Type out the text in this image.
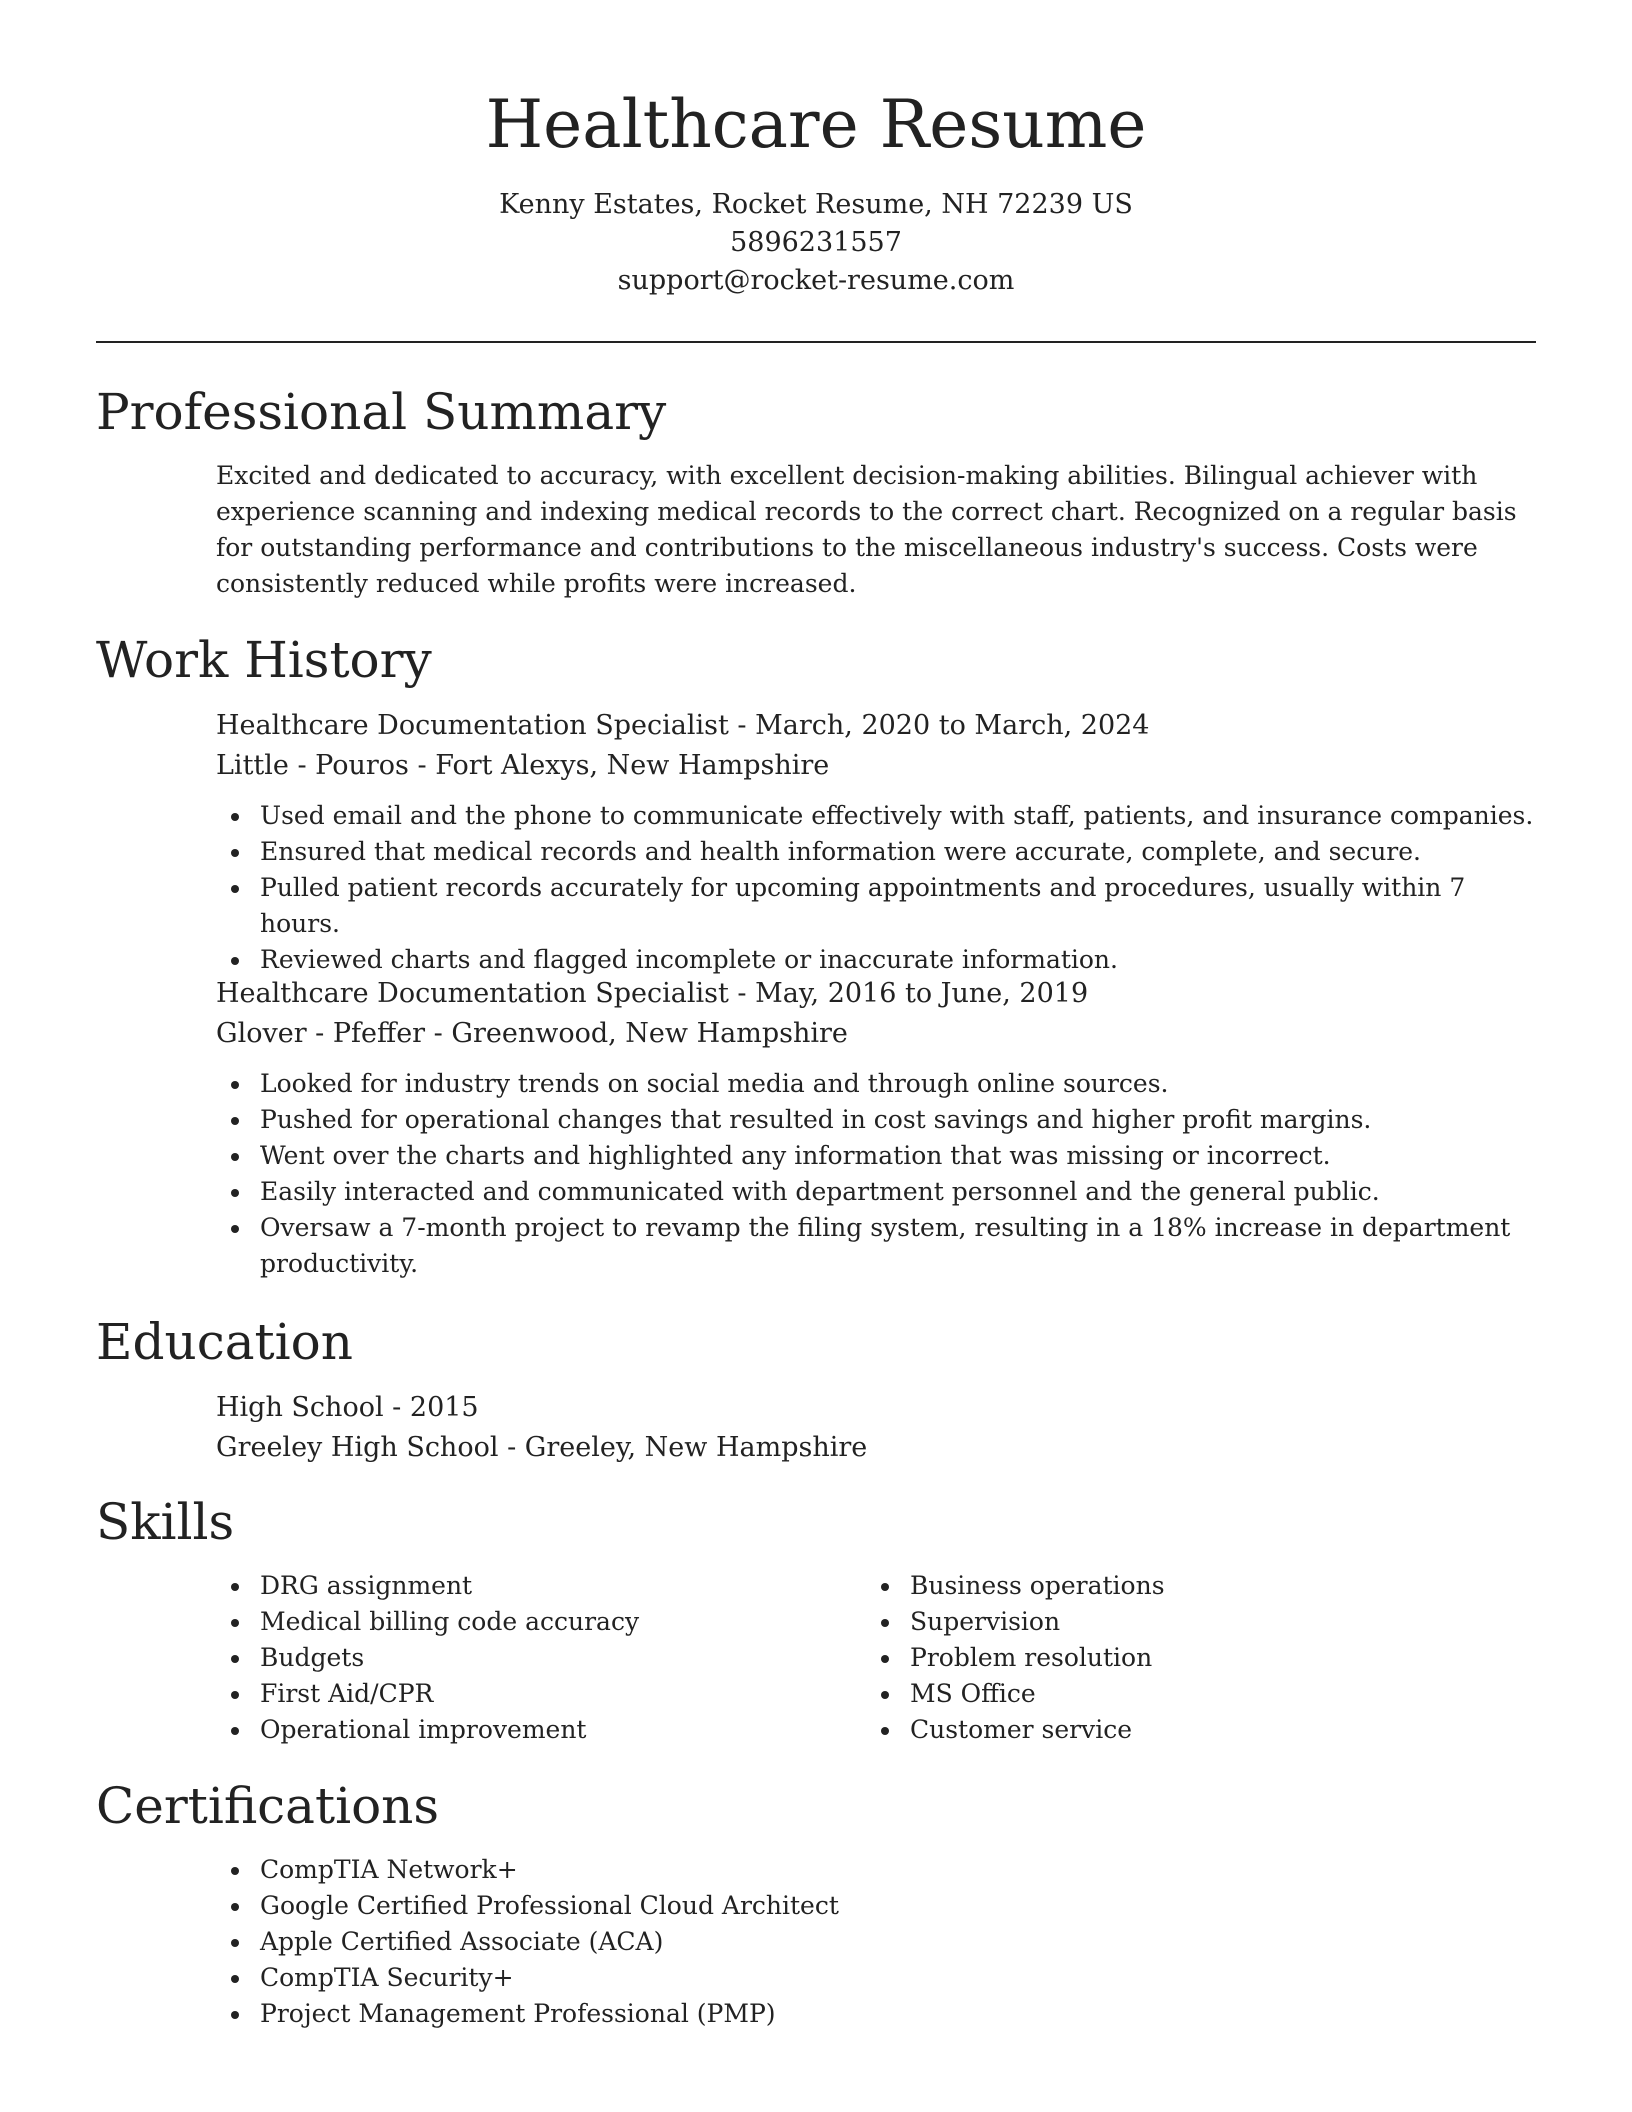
Healthcare Resume
Kenny Estates, Rocket Resume, NH 72239 US
5896231557
support@rocket-resume.com
Professional Summary

Excited and dedicated to accuracy, with excellent decision-making abilities. Bilingual achiever with experience scanning and indexing medical records to the correct chart. Recognized on a regular basis for outstanding performance and contributions to the miscellaneous industry's success. Costs were consistently reduced while profits were increased.

Work History
Healthcare Documentation Specialist - March, 2020 to March, 2024
Little - Pouros - Fort Alexys, New Hampshire
Used email and the phone to communicate effectively with staff, patients, and insurance companies.
Ensured that medical records and health information were accurate, complete, and secure.
Pulled patient records accurately for upcoming appointments and procedures, usually within 7 hours.
Reviewed charts and flagged incomplete or inaccurate information.
Healthcare Documentation Specialist - May, 2016 to June, 2019
Glover - Pfeffer - Greenwood, New Hampshire
Looked for industry trends on social media and through online sources.
Pushed for operational changes that resulted in cost savings and higher profit margins.
Went over the charts and highlighted any information that was missing or incorrect.
Easily interacted and communicated with department personnel and the general public.
Oversaw a 7-month project to revamp the filing system, resulting in a 18% increase in department productivity.
Education
High School - 2015
Greeley High School - Greeley, New Hampshire
Skills
DRG assignment
Medical billing code accuracy
Budgets
First Aid/CPR
Operational improvement
Business operations
Supervision
Problem resolution
MS Office
Customer service
Certifications
CompTIA Network+
Google Certified Professional Cloud Architect
Apple Certified Associate (ACA)
CompTIA Security+
Project Management Professional (PMP)
